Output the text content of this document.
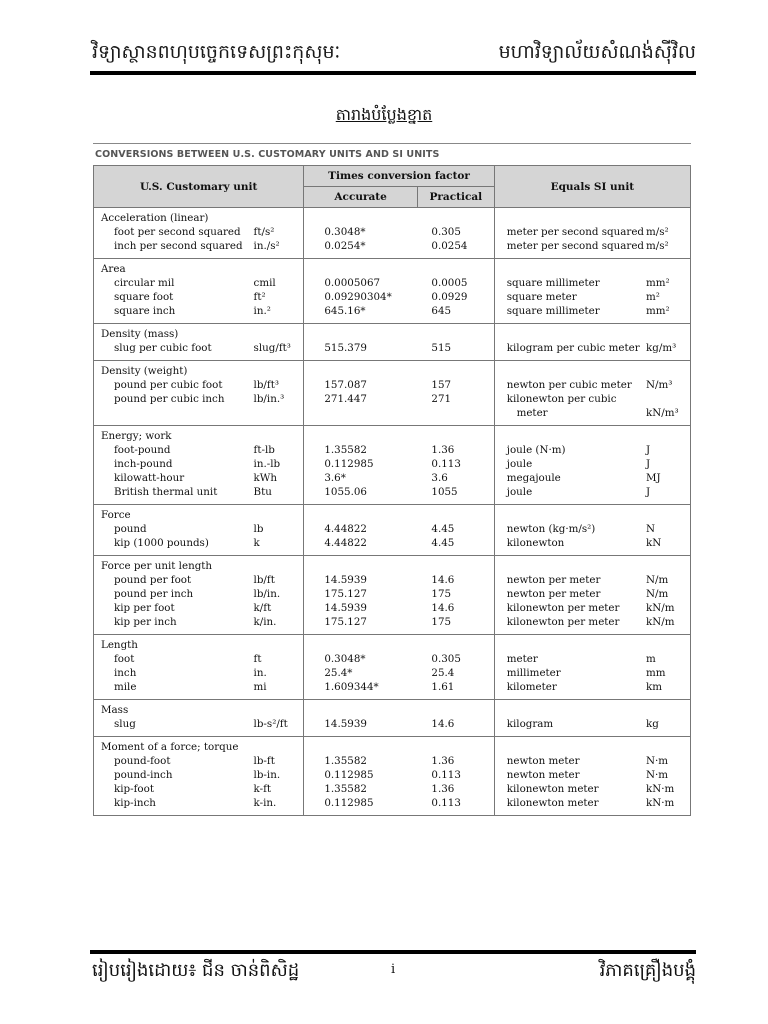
វិទ្យាស្ថានពហុបច្ចេកទេសព្រះកុសុមៈ	មហាវិទ្យាល័យសំណង់ស៊ីវិល
តារាងបំប្លែងខ្នាត
CONVERSIONS BETWEEN U.S. CUSTOMARY UNITS AND SI UNITS
U.S. Customary unit		Times conversion factor		Equals SI unit	
		Accurate	Practical		
Acceleration (linear)					
foot per second squared	ft/s²	0.3048*	0.305	meter per second squared	m/s²
inch per second squared	in./s²	0.0254*	0.0254	meter per second squared	m/s²
Area					
circular mil	cmil	0.0005067	0.0005	square millimeter	mm²
square foot	ft²	0.09290304*	0.0929	square meter	m²
square inch	in.²	645.16*	645	square millimeter	mm²
Density (mass)					
slug per cubic foot	slug/ft³	515.379	515	kilogram per cubic meter	kg/m³
Density (weight)					
pound per cubic foot	lb/ft³	157.087	157	newton per cubic meter	N/m³
pound per cubic inch	lb/in.³	271.447	271	kilonewton per cubic	
				meter	kN/m³
Energy; work					
foot-pound	ft-lb	1.35582	1.36	joule (N·m)	J
inch-pound	in.-lb	0.112985	0.113	joule	J
kilowatt-hour	kWh	3.6*	3.6	megajoule	MJ
British thermal unit	Btu	1055.06	1055	joule	J
Force					
pound	lb	4.44822	4.45	newton (kg·m/s²)	N
kip (1000 pounds)	k	4.44822	4.45	kilonewton	kN
Force per unit length					
pound per foot	lb/ft	14.5939	14.6	newton per meter	N/m
pound per inch	lb/in.	175.127	175	newton per meter	N/m
kip per foot	k/ft	14.5939	14.6	kilonewton per meter	kN/m
kip per inch	k/in.	175.127	175	kilonewton per meter	kN/m
Length					
foot	ft	0.3048*	0.305	meter	m
inch	in.	25.4*	25.4	millimeter	mm
mile	mi	1.609344*	1.61	kilometer	km
Mass					
slug	lb-s²/ft	14.5939	14.6	kilogram	kg
Moment of a force; torque					
pound-foot	lb-ft	1.35582	1.36	newton meter	N·m
pound-inch	lb-in.	0.112985	0.113	newton meter	N·m
kip-foot	k-ft	1.35582	1.36	kilonewton meter	kN·m
kip-inch	k-in.	0.112985	0.113	kilonewton meter	kN·m
រៀបរៀងដោយ៖ ជីន ចាន់ពិសិដ្ឋ	i	វិភាគគ្រឿងបង្គុំ
